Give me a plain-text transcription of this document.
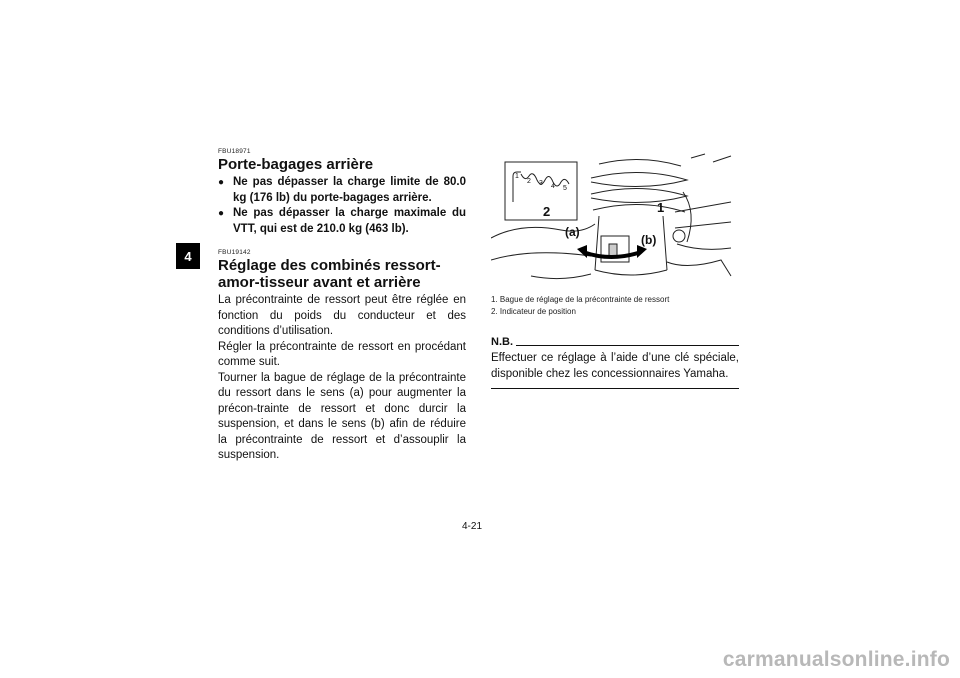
4
FBU18971
Porte-bagages arrière
● Ne pas dépasser la charge limite de 80.0 kg (176 lb) du porte-bagages arrière.
● Ne pas dépasser la charge maximale du VTT, qui est de 210.0 kg (463 lb).
FBU19142
Réglage des combinés ressort-amor-tisseur avant et arrière

La précontrainte de ressort peut être réglée en fonction du poids du conducteur et des conditions d’utilisation.

Régler la précontrainte de ressort en procédant comme suit.

Tourner la bague de réglage de la précontrainte du ressort dans le sens (a) pour augmenter la précon-trainte de ressort et donc durcir la suspension, et dans le sens (b) afin de réduire la précontrainte de ressort et d’assouplir la suspension.

1
2 3 4 5
2	1
(a)
(b)
1. Bague de réglage de la précontrainte de ressort
2. Indicateur de position
N.B.
Effectuer ce réglage à l’aide d’une clé spéciale, disponible chez les concessionnaires Yamaha.
4-21
carmanualsonline.info
